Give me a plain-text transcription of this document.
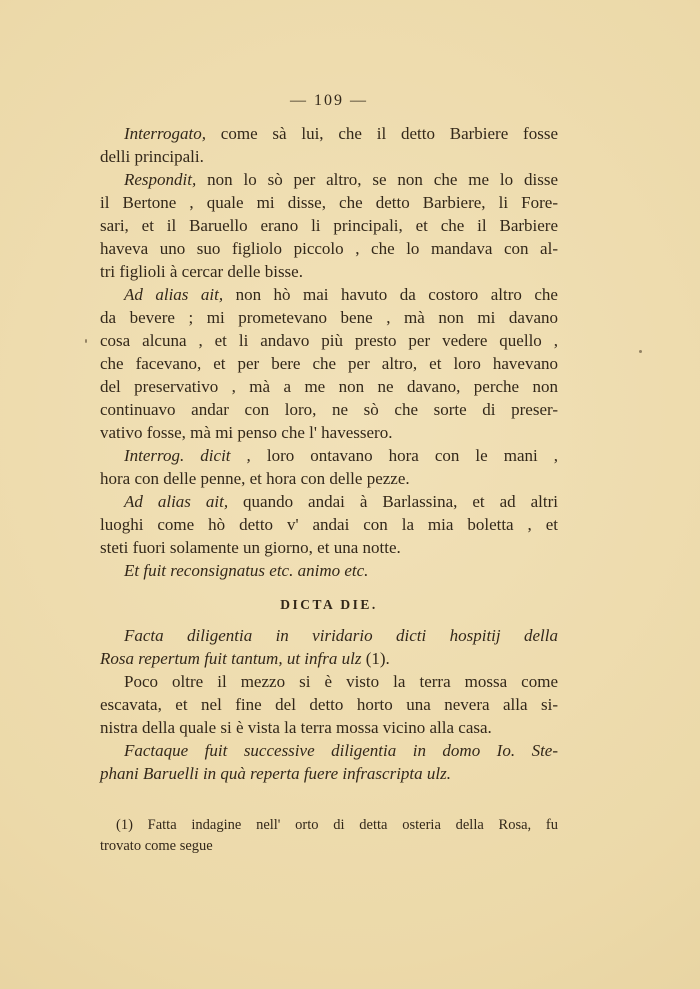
— 109 —
Interrogato, come sà lui, che il detto Barbiere fosse
delli principali.
Respondit, non lo sò per altro, se non che me lo disse
il Bertone , quale mi disse, che detto Barbiere, li Fore-
sari, et il Baruello erano li principali, et che il Barbiere
haveva uno suo figliolo piccolo , che lo mandava con al-
tri figlioli à cercar delle bisse.
Ad alias ait, non hò mai havuto da costoro altro che
da bevere ; mi prometevano bene , mà non mi davano
cosa alcuna , et li andavo più presto per vedere quello ,
che facevano, et per bere che per altro, et loro havevano
del preservativo , mà a me non ne davano, perche non
continuavo andar con loro, ne sò che sorte di preser-
vativo fosse, mà mi penso che l' havessero.
Interrog. dicit , loro ontavano hora con le mani ,
hora con delle penne, et hora con delle pezze.
Ad alias ait, quando andai à Barlassina, et ad altri
luoghi come hò detto v' andai con la mia boletta , et
steti fuori solamente un giorno, et una notte.
Et fuit reconsignatus etc. animo etc.
DICTA DIE.
Facta diligentia in viridario dicti hospitij della
Rosa repertum fuit tantum, ut infra ulz (1).
Poco oltre il mezzo si è visto la terra mossa come
escavata, et nel fine del detto horto una nevera alla si-
nistra della quale si è vista la terra mossa vicino alla casa.
Factaque fuit successive diligentia in domo Io. Ste-
phani Baruelli in quà reperta fuere infrascripta ulz.
(1) Fatta indagine nell' orto di detta osteria della Rosa, fu
trovato come segue
